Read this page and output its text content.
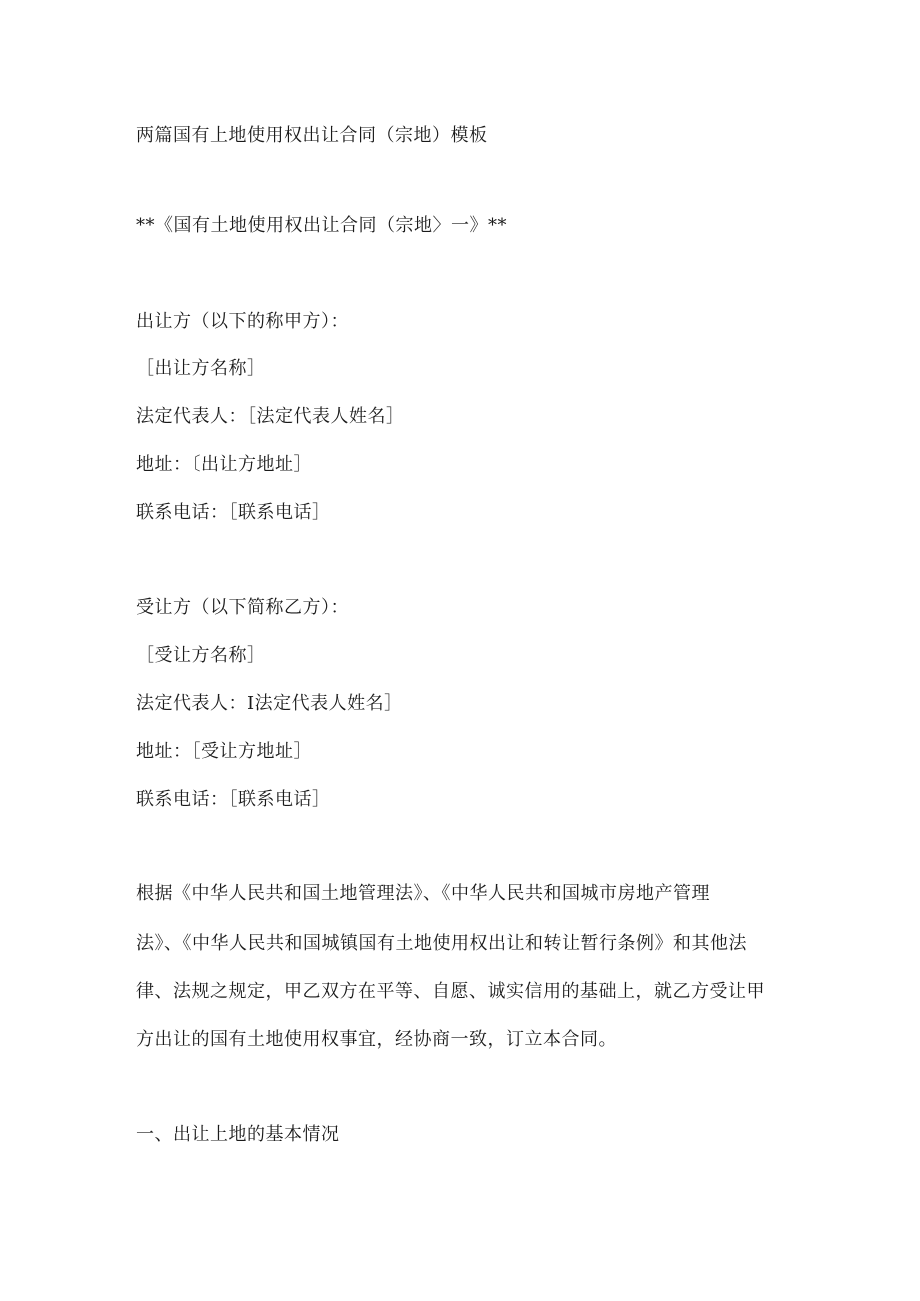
两篇国有上地使用权出让合同（宗地）模板
**《国有土地使用权出让合同（宗地〉一》**
出让方（以下的称甲方）：
［出让方名称］
法定代表人：［法定代表人姓名］
地址：〔出让方地址］
联系电话：［联系电话］
受让方（以下简称乙方）：
［受让方名称］
法定代表人：I法定代表人姓名］
地址：［受让方地址］
联系电话：［联系电话］
根据《中华人民共和国土地管理法》、《中华人民共和国城市房地产管理
法》、《中华人民共和国城镇国有土地使用权出让和转让暂行条例》和其他法
律、法规之规定，甲乙双方在平等、自愿、诚实信用的基础上，就乙方受让甲
方出让的国有土地使用权事宜，经协商一致，订立本合同。
一、出让上地的基本情况
